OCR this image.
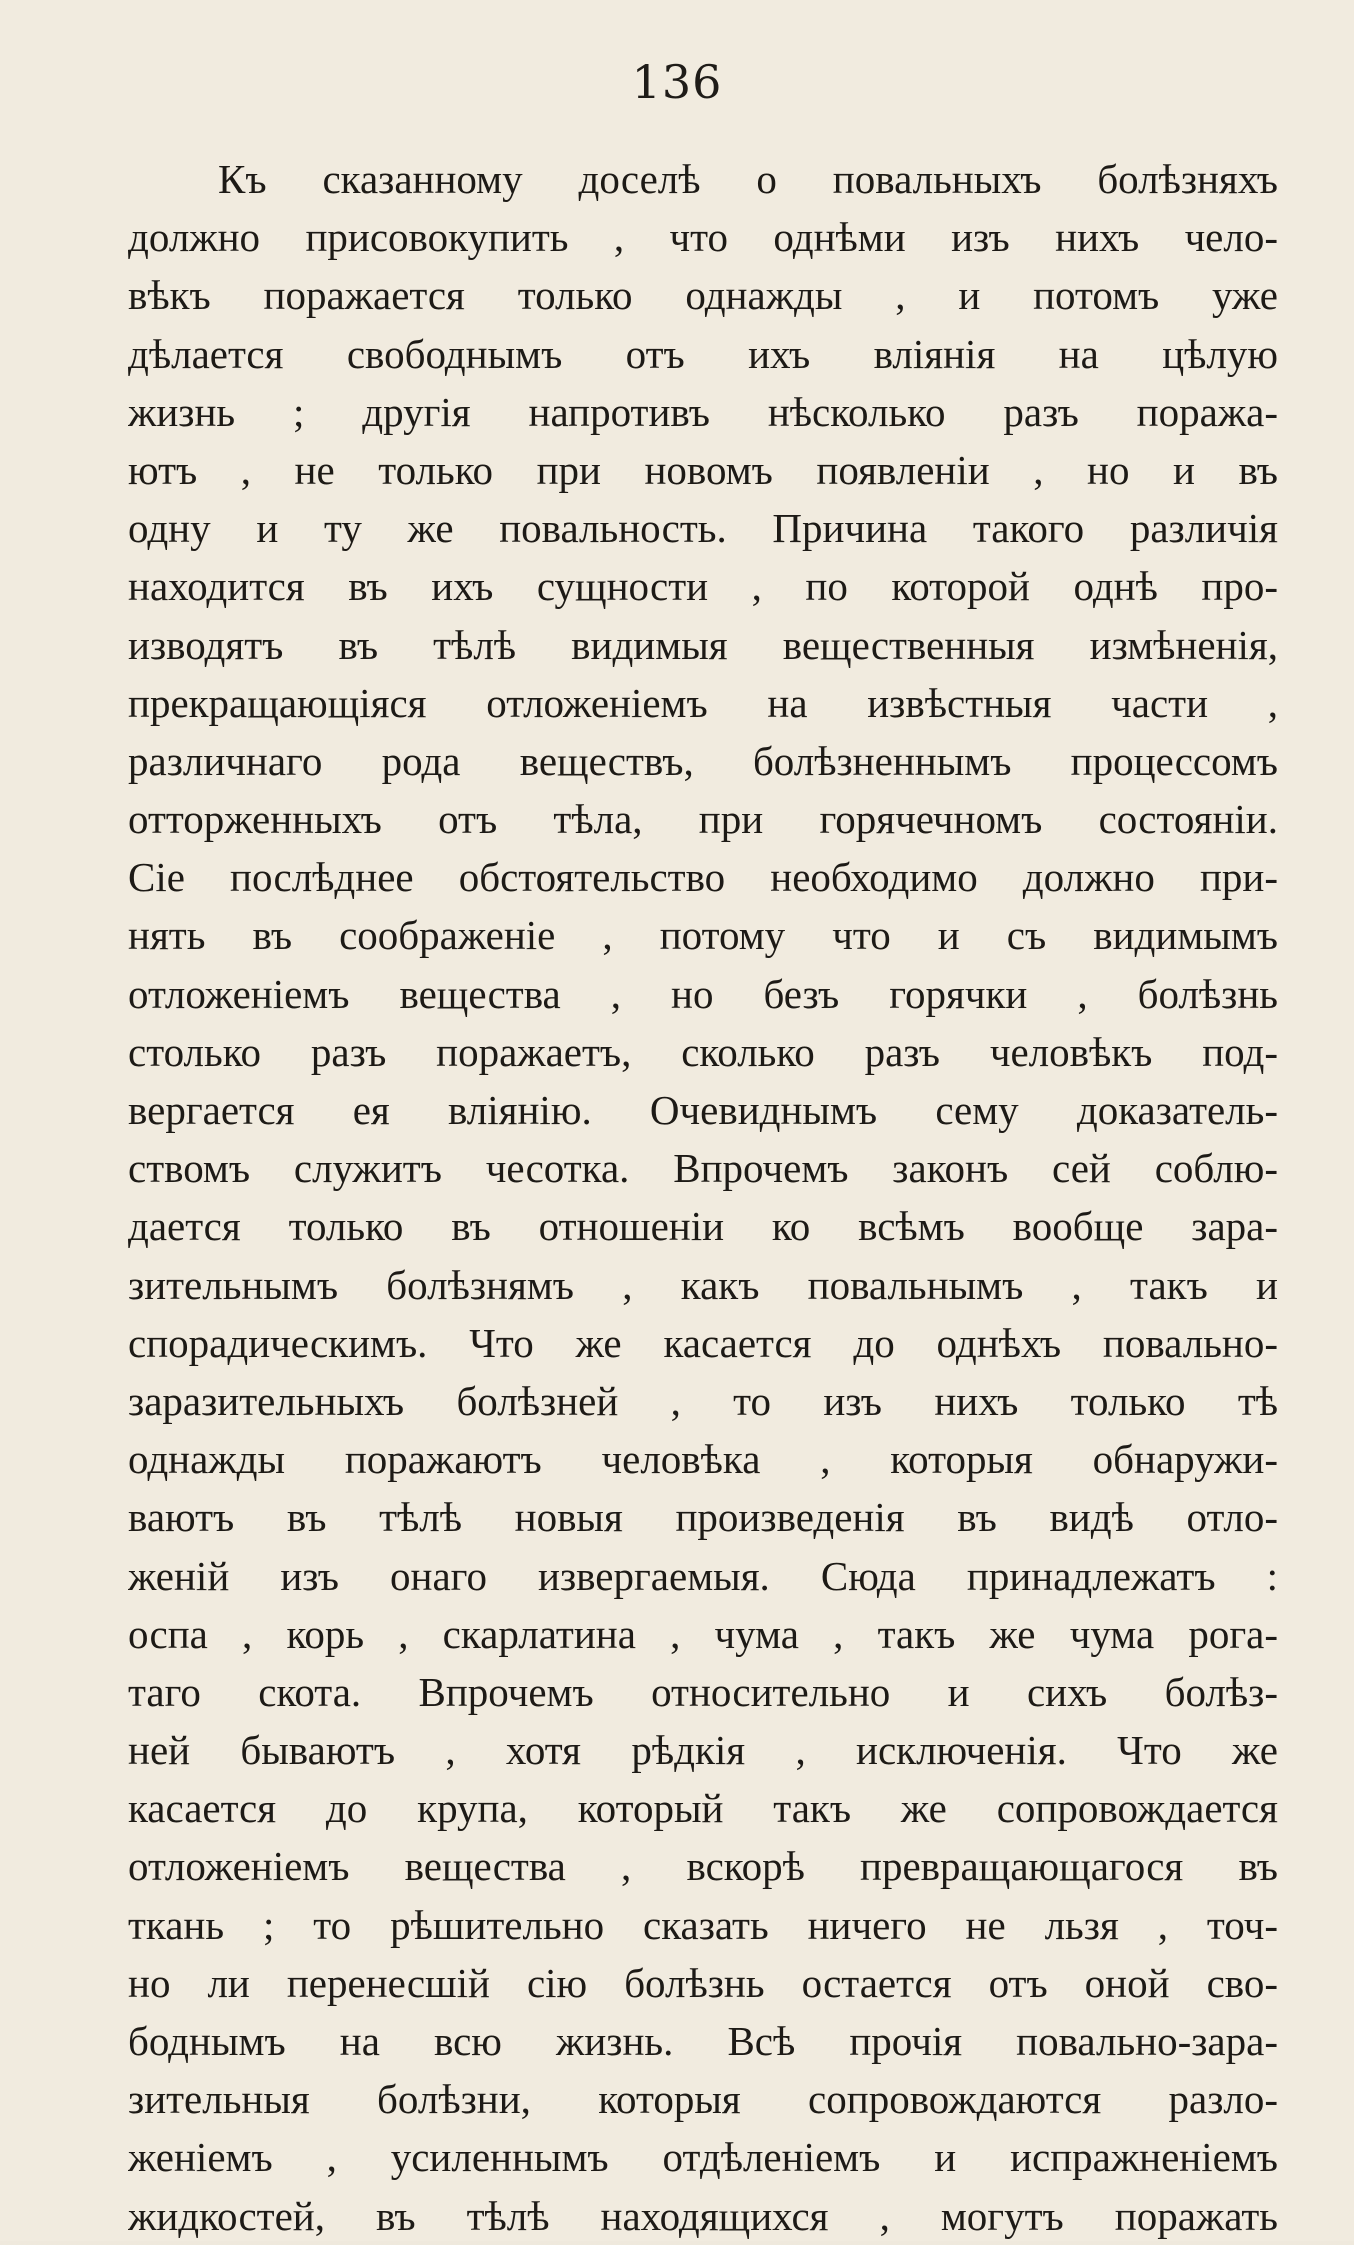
136
Къ сказанному доселѣ о повальныхъ болѣзняхъ
должно присовокупить , что однѣми изъ нихъ чело-
вѣкъ поражается только однажды , и потомъ уже
дѣлается свободнымъ отъ ихъ вліянія на цѣлую
жизнь ; другія напротивъ нѣсколько разъ поража-
ютъ , не только при новомъ появленіи , но и въ
одну и ту же повальность. Причина такого различія
находится въ ихъ сущности , по которой однѣ про-
изводятъ въ тѣлѣ видимыя вещественныя измѣненія,
прекращающіяся отложеніемъ на извѣстныя части ,
различнаго рода веществъ, болѣзненнымъ процессомъ
отторженныхъ отъ тѣла, при горячечномъ состояніи.
Сіе послѣднее обстоятельство необходимо должно при-
нять въ соображеніе , потому что и съ видимымъ
отложеніемъ вещества , но безъ горячки , болѣзнь
столько разъ поражаетъ, сколько разъ человѣкъ под-
вергается ея вліянію. Очевиднымъ сему доказатель-
ствомъ служитъ чесотка. Впрочемъ законъ сей соблю-
дается только въ отношеніи ко всѣмъ вообще зара-
зительнымъ болѣзнямъ , какъ повальнымъ , такъ и
спорадическимъ. Что же касается до однѣхъ повально-
заразительныхъ болѣзней , то изъ нихъ только тѣ
однажды поражаютъ человѣка , которыя обнаружи-
ваютъ въ тѣлѣ новыя произведенія въ видѣ отло-
женій изъ онаго извергаемыя. Сюда принадлежатъ :
оспа , корь , скарлатина , чума , такъ же чума рога-
таго скота. Впрочемъ относительно и сихъ болѣз-
ней бываютъ , хотя рѣдкія , исключенія. Что же
касается до крупа, который такъ же сопровождается
отложеніемъ вещества , вскорѣ превращающагося въ
ткань ; то рѣшительно сказать ничего не льзя , точ-
но ли перенесшій сію болѣзнь остается отъ оной сво-
боднымъ на всю жизнь. Всѣ прочія повально-зара-
зительныя болѣзни, которыя сопровождаются разло-
женіемъ , усиленнымъ отдѣленіемъ и испражненіемъ
жидкостей, въ тѣлѣ находящихся , могутъ поражать
